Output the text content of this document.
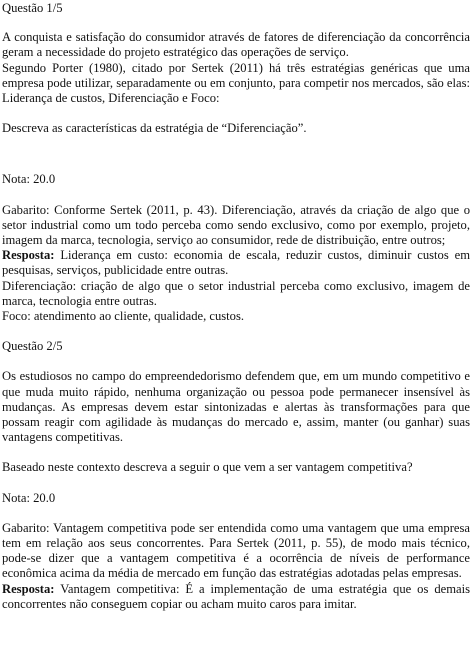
Questão 1/5

A conquista e satisfação do consumidor através de fatores de diferenciação da concorrência geram a necessidade do projeto estratégico das operações de serviço.

Segundo Porter (1980), citado por Sertek (2011) há três estratégias genéricas que uma empresa pode utilizar, separadamente ou em conjunto, para competir nos mercados, são elas: Liderança de custos, Diferenciação e Foco:

Descreva as características da estratégia de “Diferenciação”.

Nota: 20.0

Gabarito: Conforme Sertek (2011, p. 43). Diferenciação, através da criação de algo que o setor industrial como um todo perceba como sendo exclusivo, como por exemplo, projeto, imagem da marca, tecnologia, serviço ao consumidor, rede de distribuição, entre outros;

Resposta: Liderança em custo: economia de escala, reduzir custos, diminuir custos em pesquisas, serviços, publicidade entre outras.

Diferenciação: criação de algo que o setor industrial perceba como exclusivo, imagem de marca, tecnologia entre outras.

Foco: atendimento ao cliente, qualidade, custos.

Questão 2/5

Os estudiosos no campo do empreendedorismo defendem que, em um mundo competitivo e que muda muito rápido, nenhuma organização ou pessoa pode permanecer insensível às mudanças. As empresas devem estar sintonizadas e alertas às transformações para que possam reagir com agilidade às mudanças do mercado e, assim, manter (ou ganhar) suas vantagens competitivas.

Baseado neste contexto descreva a seguir o que vem a ser vantagem competitiva?

Nota: 20.0

Gabarito: Vantagem competitiva pode ser entendida como uma vantagem que uma empresa tem em relação aos seus concorrentes. Para Sertek (2011, p. 55), de modo mais técnico, pode-se dizer que a vantagem competitiva é a ocorrência de níveis de performance econômica acima da média de mercado em função das estratégias adotadas pelas empresas.

Resposta: Vantagem competitiva: É a implementação de uma estratégia que os demais concorrentes não conseguem copiar ou acham muito caros para imitar.
